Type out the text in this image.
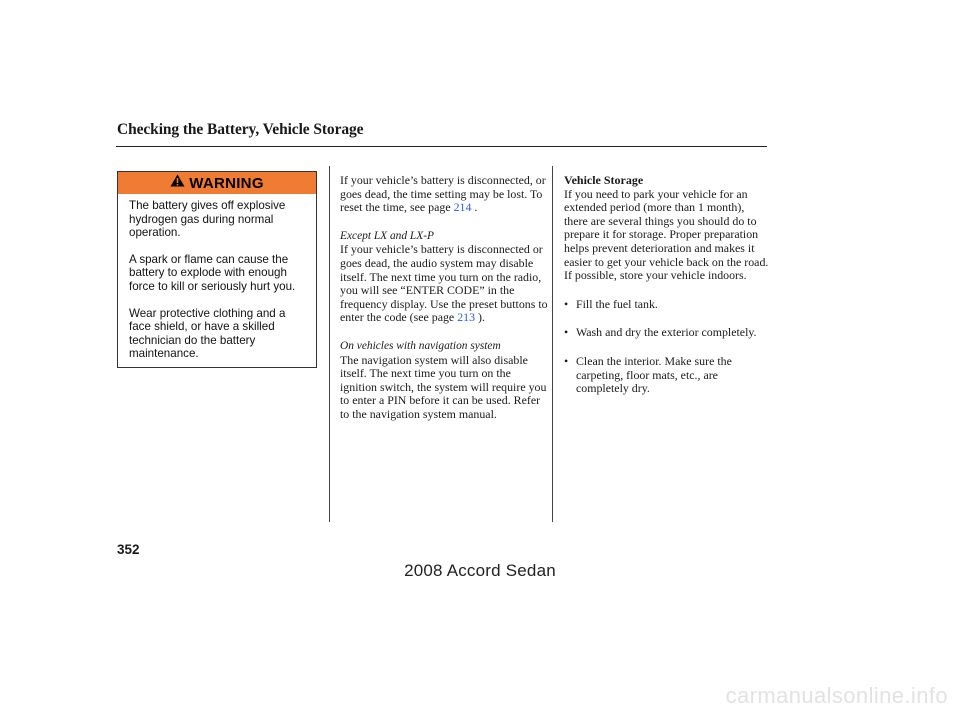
Checking the Battery, Vehicle Storage
WARNING

The battery gives off explosive hydrogen gas during normal operation.

A spark or flame can cause the battery to explode with enough force to kill or seriously hurt you.

Wear protective clothing and a face shield, or have a skilled technician do the battery maintenance.

If your vehicle’s battery is disconnected, or goes dead, the time setting may be lost. To reset the time, see page 214 .

Except LX and LX-P

If your vehicle’s battery is disconnected or goes dead, the audio system may disable itself. The next time you turn on the radio, you will see “ENTER CODE” in the frequency display. Use the preset buttons to enter the code (see page 213 ).

On vehicles with navigation system

The navigation system will also disable itself. The next time you turn on the ignition switch, the system will require you to enter a PIN before it can be used. Refer to the navigation system manual.

Vehicle Storage

If you need to park your vehicle for an extended period (more than 1 month), there are several things you should do to prepare it for storage. Proper preparation helps prevent deterioration and makes it easier to get your vehicle back on the road. If possible, store your vehicle indoors.

• Fill the fuel tank.
• Wash and dry the exterior completely.
• Clean the interior. Make sure the carpeting, floor mats, etc., are completely dry.
352
2008 Accord Sedan
carmanualsonline.info
